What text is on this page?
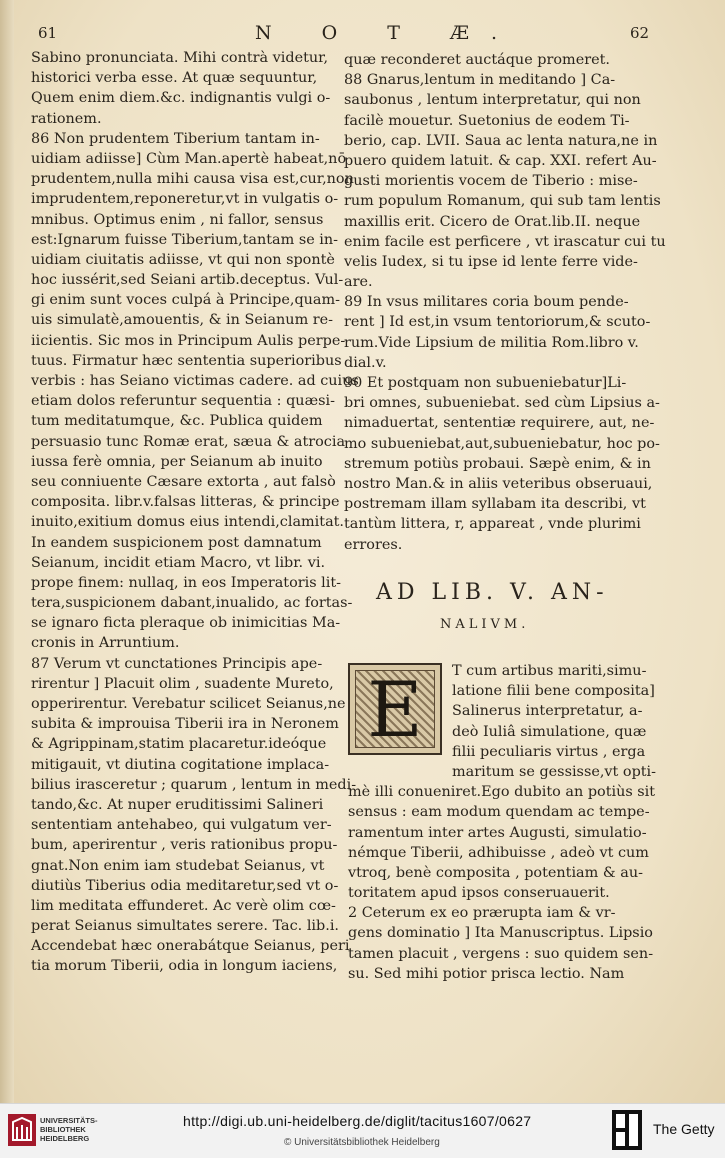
61	N O T Æ.	62
Sabino pronunciata. Mihi contrà videtur,
historici verba esse. At quæ sequuntur,
Quem enim diem.&c. indignantis vulgi o-
rationem.
86 Non prudentem Tiberium tantam in-
uidiam adiisse] Cùm Man.apertè habeat,nō
prudentem,nulla mihi causa visa est,cur,non
imprudentem,reponeretur,vt in vulgatis o-
mnibus. Optimus enim , ni fallor, sensus
est:Ignarum fuisse Tiberium,tantam se in-
uidiam ciuitatis adiisse, vt qui non spontè
hoc iussérit,sed Seiani artib.deceptus. Vul-
gi enim sunt voces culpá à Principe,quam-
uis simulatè,amouentis, & in Seianum re-
iicientis. Sic mos in Principum Aulis perpe-
tuus. Firmatur hæc sententia superioribus
verbis : has Seiano victimas cadere. ad cuius
etiam dolos referuntur sequentia : quæsi-
tum meditatumque, &c. Publica quidem
persuasio tunc Romæ erat, sæua & atrocia
iussa ferè omnia, per Seianum ab inuito
seu conniuente Cæsare extorta , aut falsò
composita. libr.v.falsas litteras, & principe
inuito,exitium domus eius intendi,clamitat.
In eandem suspicionem post damnatum
Seianum, incidit etiam Macro, vt libr. vi.
prope finem: nullaq, in eos Imperatoris lit-
tera,suspicionem dabant,inualido, ac fortas-
se ignaro ficta pleraque ob inimicitias Ma-
cronis in Arruntium.
87 Verum vt cunctationes Principis ape-
rirentur ] Placuit olim , suadente Mureto,
opperirentur. Verebatur scilicet Seianus,ne
subita & improuisa Tiberii ira in Neronem
& Agrippinam,statim placaretur.ideóque
mitigauit, vt diutina cogitatione implaca-
bilius irasceretur ; quarum , lentum in medi-
tando,&c. At nuper eruditissimi Salineri
sententiam antehabeo, qui vulgatum ver-
bum, aperirentur , veris rationibus propu-
gnat.Non enim iam studebat Seianus, vt
diutiùs Tiberius odia meditaretur,sed vt o-
lim meditata effunderet. Ac verè olim cœ-
perat Seianus simultates serere. Tac. lib.i.
Accendebat hæc onerabátque Seianus, peri
tia morum Tiberii, odia in longum iaciens,
quæ reconderet auctáque promeret.
88 Gnarus,lentum in meditando ] Ca-
saubonus , lentum interpretatur, qui non
facilè mouetur. Suetonius de eodem Ti-
berio, cap. LVII. Saua ac lenta natura,ne in
puero quidem latuit. & cap. XXI. refert Au-
gusti morientis vocem de Tiberio : mise-
rum populum Romanum, qui sub tam lentis
maxillis erit. Cicero de Orat.lib.II. neque
enim facile est perficere , vt irascatur cui tu
velis Iudex, si tu ipse id lente ferre vide-
are.
89 In vsus militares coria boum pende-
rent ] Id est,in vsum tentoriorum,& scuto-
rum.Vide Lipsium de militia Rom.libro v.
dial.v.
90 Et postquam non subueniebatur]Li-
bri omnes, subueniebat. sed cùm Lipsius a-
nimaduertat, sententiæ requirere, aut, ne-
mo subueniebat,aut,subueniebatur, hoc po-
stremum potiùs probaui. Sæpè enim, & in
nostro Man.& in aliis veteribus obseruaui,
postremam illam syllabam ita describi, vt
tantùm littera, r, appareat , vnde plurimi
errores.
AD LIB. V. AN-
NALIVM.
E	T cum artibus mariti,simu-
latione filii bene composita]
Salinerus interpretatur, a-
deò Iuliâ simulatione, quæ
filii peculiaris virtus , erga
maritum se gessisse,vt opti-
mè illi conueniret.Ego dubito an potiùs sit
sensus : eam modum quendam ac tempe-
ramentum inter artes Augusti, simulatio-
némque Tiberii, adhibuisse , adeò vt cum
vtroq, benè composita , potentiam & au-
toritatem apud ipsos conseruauerit.
2 Ceterum ex eo prærupta iam & vr-
gens dominatio ] Ita Manuscriptus. Lipsio
tamen placuit , vergens : suo quidem sen-
su. Sed mihi potior prisca lectio. Nam
UNIVERSITÄTS-
BIBLIOTHEK
HEIDELBERG
http://digi.ub.uni-heidelberg.de/diglit/tacitus1607/0627
© Universitätsbibliothek Heidelberg
The Getty
